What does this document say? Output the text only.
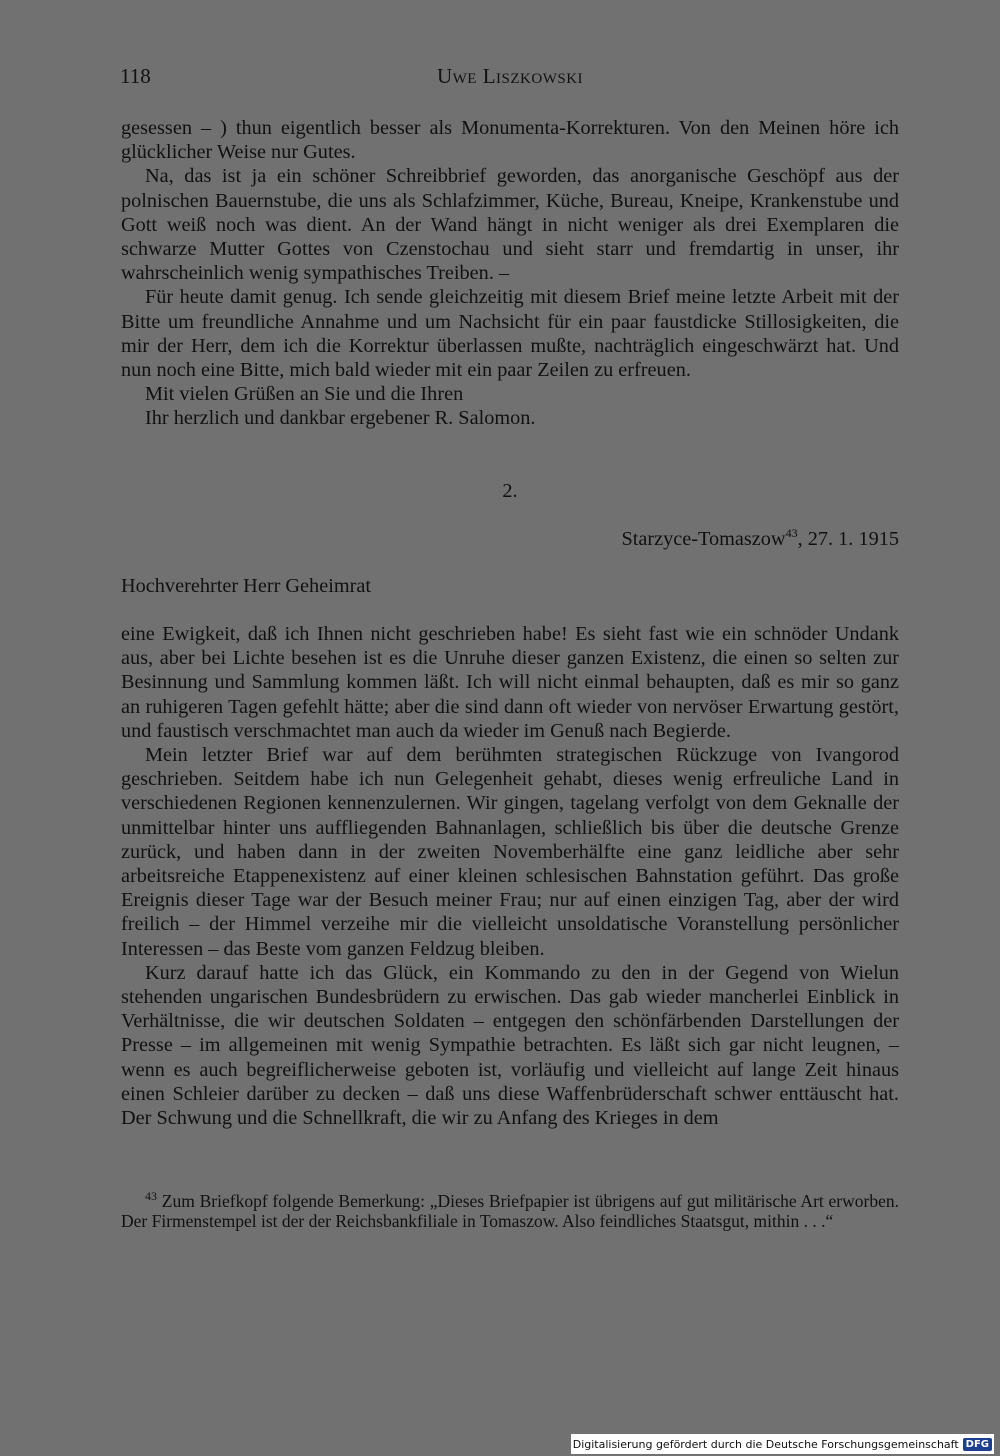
118	Uwe Liszkowski

gesessen – ) thun eigentlich besser als Monumenta-Korrekturen. Von den Meinen höre ich glücklicher Weise nur Gutes.

Na, das ist ja ein schöner Schreibbrief geworden, das anorganische Geschöpf aus der polnischen Bauernstube, die uns als Schlafzimmer, Küche, Bureau, Kneipe, Krankenstube und Gott weiß noch was dient. An der Wand hängt in nicht weniger als drei Exemplaren die schwarze Mutter Gottes von Czenstochau und sieht starr und fremdartig in unser, ihr wahrscheinlich wenig sympathisches Treiben. –

Für heute damit genug. Ich sende gleichzeitig mit diesem Brief meine letzte Arbeit mit der Bitte um freundliche Annahme und um Nachsicht für ein paar faustdicke Stillosigkeiten, die mir der Herr, dem ich die Korrektur überlassen mußte, nachträglich eingeschwärzt hat. Und nun noch eine Bitte, mich bald wieder mit ein paar Zeilen zu erfreuen.

Mit vielen Grüßen an Sie und die Ihren

Ihr herzlich und dankbar ergebener R. Salomon.

2.
Starzyce-Tomaszow$^{43}$, 27. 1. 1915
Hochverehrter Herr Geheimrat

eine Ewigkeit, daß ich Ihnen nicht geschrieben habe! Es sieht fast wie ein schnöder Undank aus, aber bei Lichte besehen ist es die Unruhe dieser ganzen Existenz, die einen so selten zur Besinnung und Sammlung kommen läßt. Ich will nicht einmal behaupten, daß es mir so ganz an ruhigeren Tagen gefehlt hätte; aber die sind dann oft wieder von nervöser Erwartung gestört, und faustisch verschmachtet man auch da wieder im Genuß nach Begierde.

Mein letzter Brief war auf dem berühmten strategischen Rückzuge von Ivangorod geschrieben. Seitdem habe ich nun Gelegenheit gehabt, dieses wenig erfreuliche Land in verschiedenen Regionen kennenzulernen. Wir gingen, tagelang verfolgt von dem Geknalle der unmittelbar hinter uns auffliegenden Bahnanlagen, schließlich bis über die deutsche Grenze zurück, und haben dann in der zweiten Novemberhälfte eine ganz leidliche aber sehr arbeitsreiche Etappenexistenz auf einer kleinen schlesischen Bahnstation geführt. Das große Ereignis dieser Tage war der Besuch meiner Frau; nur auf einen einzigen Tag, aber der wird freilich – der Himmel verzeihe mir die vielleicht unsoldatische Voranstellung persönlicher Interessen – das Beste vom ganzen Feldzug bleiben.

Kurz darauf hatte ich das Glück, ein Kommando zu den in der Gegend von Wielun stehenden ungarischen Bundesbrüdern zu erwischen. Das gab wieder mancherlei Einblick in Verhältnisse, die wir deutschen Soldaten – entgegen den schönfärbenden Darstellungen der Presse – im allgemeinen mit wenig Sympathie betrachten. Es läßt sich gar nicht leugnen, – wenn es auch begreiflicherweise geboten ist, vorläufig und vielleicht auf lange Zeit hinaus einen Schleier darüber zu decken – daß uns diese Waffenbrüderschaft schwer enttäuscht hat. Der Schwung und die Schnellkraft, die wir zu Anfang des Krieges in dem

$^{43}$ Zum Briefkopf folgende Bemerkung: „Dieses Briefpapier ist übrigens auf gut militärische Art erworben. Der Firmenstempel ist der der Reichsbankfiliale in Tomaszow. Also feindliches Staatsgut, mithin . . .“

Digitalisierung gefördert durch die Deutsche Forschungsgemeinschaft DFG
